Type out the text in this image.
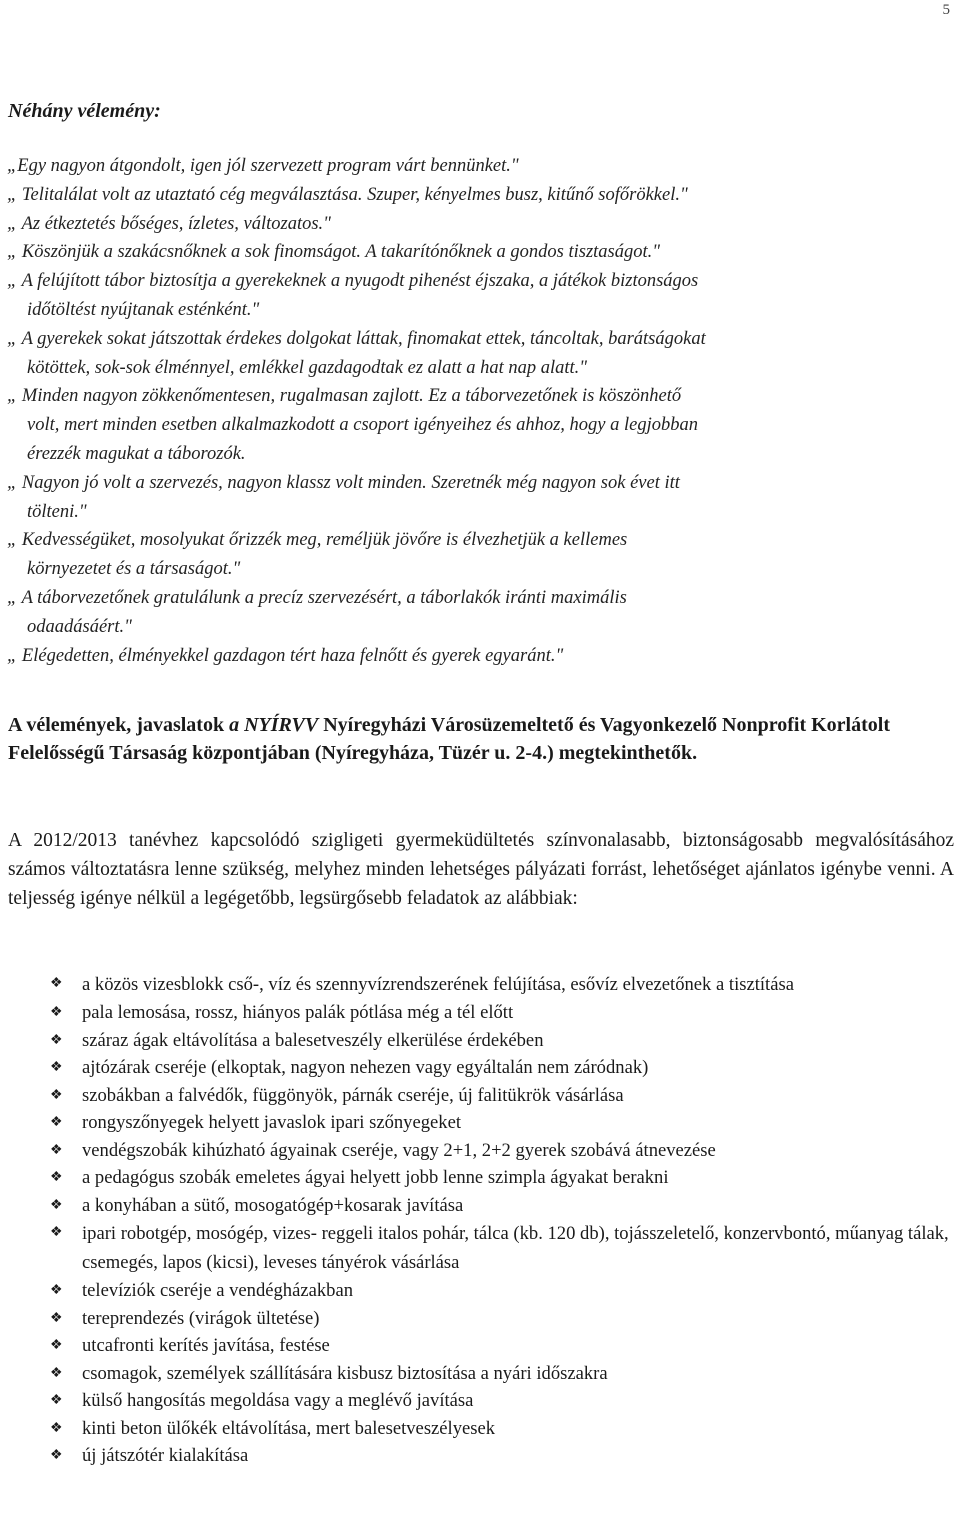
5
Néhány vélemény:
„Egy nagyon átgondolt, igen jól szervezett program várt bennünket."
„ Telitalálat volt az utaztató cég megválasztása. Szuper, kényelmes busz, kitűnő sofőrökkel."
„ Az étkeztetés bőséges, ízletes, változatos."
„ Köszönjük a szakácsnőknek a sok finomságot. A takarítónőknek a gondos tisztaságot."
„ A felújított tábor biztosítja a gyerekeknek a nyugodt pihenést éjszaka, a játékok biztonságos

időtöltést nyújtanak esténként."
„ A gyerekek sokat játszottak érdekes dolgokat láttak, finomakat ettek, táncoltak, barátságokat

kötöttek, sok-sok élménnyel, emlékkel gazdagodtak ez alatt a hat nap alatt."
„ Minden nagyon zökkenőmentesen, rugalmasan zajlott. Ez a táborvezetőnek is köszönhető

volt, mert minden esetben alkalmazkodott a csoport igényeihez és ahhoz, hogy a legjobban
érezzék magukat a táborozók.
„ Nagyon jó volt a szervezés, nagyon klassz volt minden. Szeretnék még nagyon sok évet itt

tölteni."
„ Kedvességüket, mosolyukat őrizzék meg, reméljük jövőre is élvezhetjük a kellemes

környezetet és a társaságot."
„ A táborvezetőnek gratulálunk a precíz szervezésért, a táborlakók iránti maximális

odaadásáért."
„ Elégedetten, élményekkel gazdagon tért haza felnőtt és gyerek egyaránt."
A vélemények, javaslatok a NYÍRVV Nyíregyházi Városüzemeltető és Vagyonkezelő Nonprofit Korlátolt Felelősségű Társaság központjában (Nyíregyháza, Tüzér u. 2-4.) megtekinthetők.
A 2012/2013 tanévhez kapcsolódó szigligeti gyermeküdültetés színvonalasabb, biztonságosabb megvalósításához számos változtatásra lenne szükség, melyhez minden lehetséges pályázati forrást, lehetőséget ajánlatos igénybe venni. A teljesség igénye nélkül a legégetőbb, legsürgősebb feladatok az alábbiak:
❖	a közös vizesblokk cső-, víz és szennyvízrendszerének felújítása, esővíz elvezetőnek a tisztítása
❖	pala lemosása, rossz, hiányos palák pótlása még a tél előtt
❖	száraz ágak eltávolítása a balesetveszély elkerülése érdekében
❖	ajtózárak cseréje (elkoptak, nagyon nehezen vagy egyáltalán nem záródnak)
❖	szobákban a falvédők, függönyök, párnák cseréje, új falitükrök vásárlása
❖	rongyszőnyegek helyett javaslok ipari szőnyegeket
❖	vendégszobák kihúzható ágyainak cseréje, vagy 2+1, 2+2 gyerek szobává átnevezése
❖	a pedagógus szobák emeletes ágyai helyett jobb lenne szimpla ágyakat berakni
❖	a konyhában a sütő, mosogatógép+kosarak javítása
❖	ipari robotgép, mosógép, vizes- reggeli italos pohár, tálca (kb. 120 db), tojásszeletelő, konzervbontó, műanyag tálak, csemegés, lapos (kicsi), leveses tányérok vásárlása
❖	televíziók cseréje a vendégházakban
❖	tereprendezés (virágok ültetése)
❖	utcafronti kerítés javítása, festése
❖	csomagok, személyek szállítására kisbusz biztosítása a nyári időszakra
❖	külső hangosítás megoldása vagy a meglévő javítása
❖	kinti beton ülőkék eltávolítása, mert balesetveszélyesek
❖	új játszótér kialakítása
